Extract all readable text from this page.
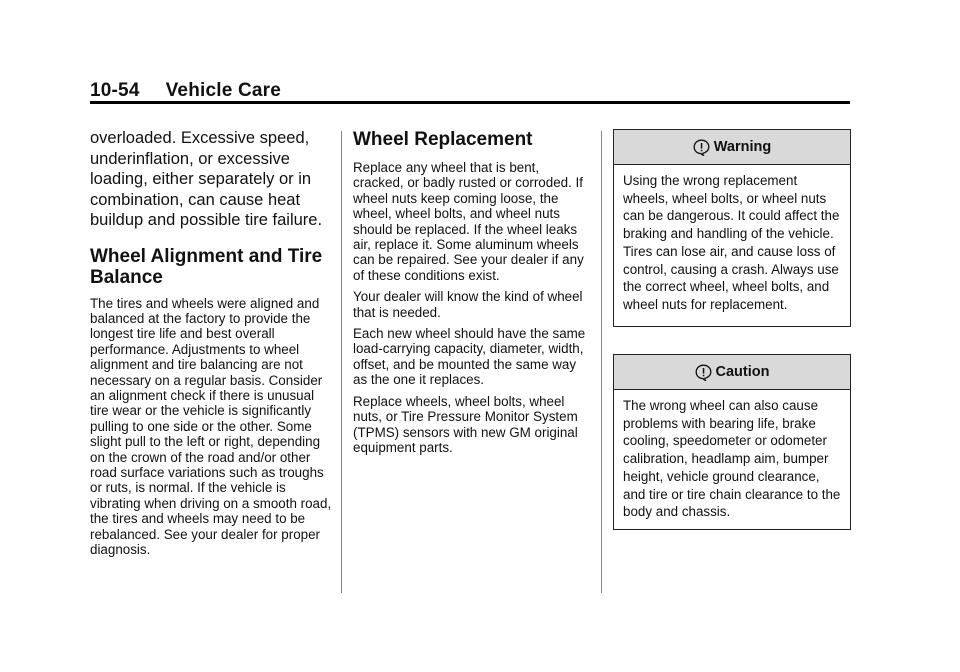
10-54 Vehicle Care

overloaded. Excessive speed, underinflation, or excessive loading, either separately or in combination, can cause heat buildup and possible tire failure.

Wheel Alignment and Tire Balance

The tires and wheels were aligned and balanced at the factory to provide the longest tire life and best overall performance. Adjustments to wheel alignment and tire balancing are not necessary on a regular basis. Consider an alignment check if there is unusual tire wear or the vehicle is significantly pulling to one side or the other. Some slight pull to the left or right, depending on the crown of the road and/or other road surface variations such as troughs or ruts, is normal. If the vehicle is vibrating when driving on a smooth road, the tires and wheels may need to be rebalanced. See your dealer for proper diagnosis.

Wheel Replacement

Replace any wheel that is bent, cracked, or badly rusted or corroded. If wheel nuts keep coming loose, the wheel, wheel bolts, and wheel nuts should be replaced. If the wheel leaks air, replace it. Some aluminum wheels can be repaired. See your dealer if any of these conditions exist.

Your dealer will know the kind of wheel that is needed.

Each new wheel should have the same load-carrying capacity, diameter, width, offset, and be mounted the same way as the one it replaces.

Replace wheels, wheel bolts, wheel nuts, or Tire Pressure Monitor System (TPMS) sensors with new GM original equipment parts.

Warning
Using the wrong replacement wheels, wheel bolts, or wheel nuts can be dangerous. It could affect the braking and handling of the vehicle. Tires can lose air, and cause loss of control, causing a crash. Always use the correct wheel, wheel bolts, and wheel nuts for replacement.
Caution
The wrong wheel can also cause problems with bearing life, brake cooling, speedometer or odometer calibration, headlamp aim, bumper height, vehicle ground clearance, and tire or tire chain clearance to the body and chassis.
